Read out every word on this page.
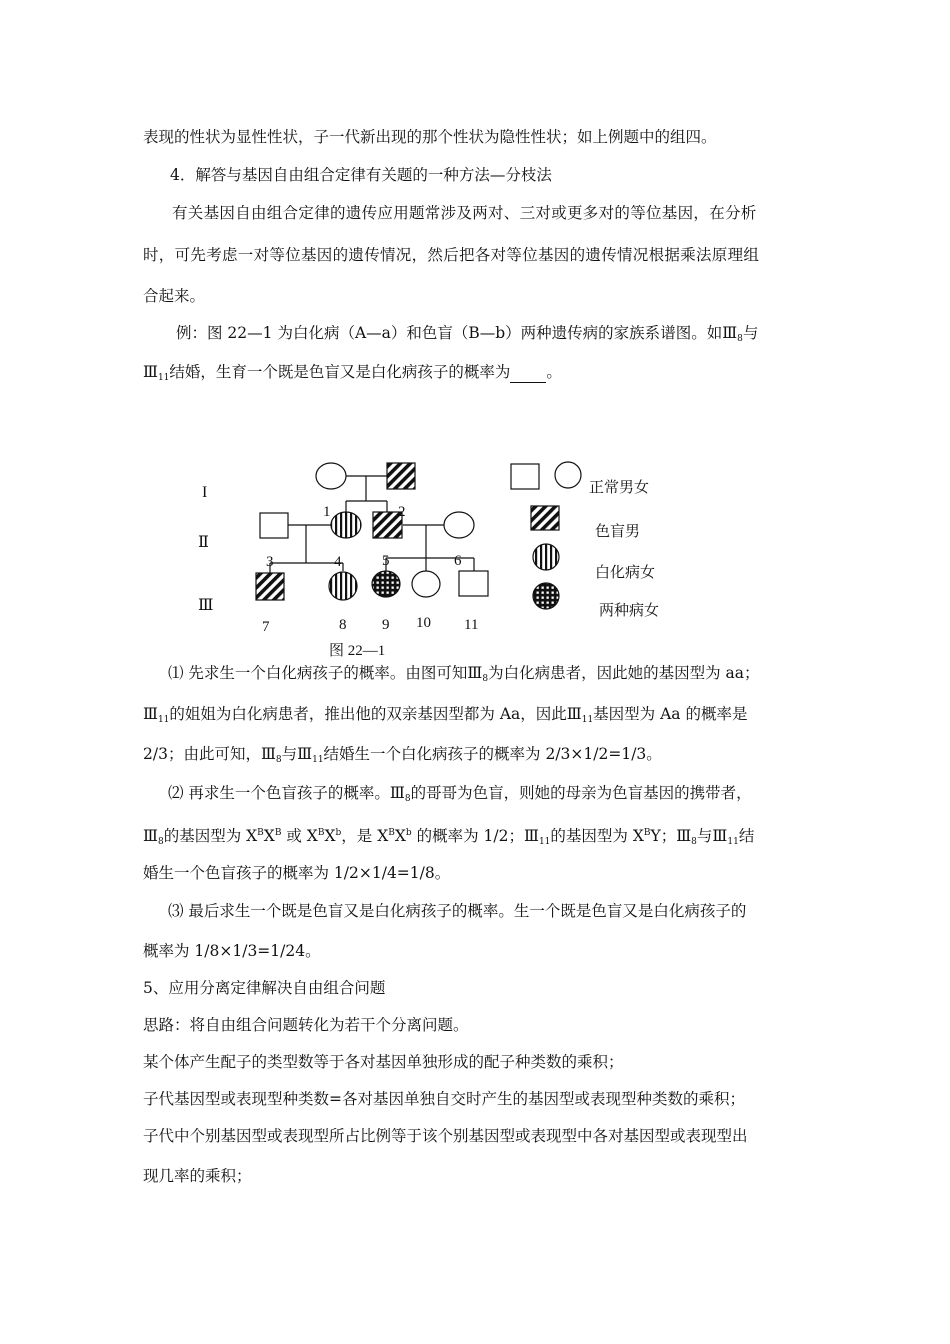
表现的性状为显性性状，子一代新出现的那个性状为隐性性状；如上例题中的组四。
4．解答与基因自由组合定律有关题的一种方法—分枝法
有关基因自由组合定律的遗传应用题常涉及两对、三对或更多对的等位基因，在分析
时，可先考虑一对等位基因的遗传情况，然后把各对等位基因的遗传情况根据乘法原理组
合起来。
例：图 22—1 为白化病（A—a）和色盲（B—b）两种遗传病的家族系谱图。如$Ⅲ_8$与
$Ⅲ_{11}$结婚，生育一个既是色盲又是白化病孩子的概率为 。
I
Ⅱ
Ⅲ
1	2
3	4	5	6
7	8 9 10 11
正常男女
色盲男
白化病女
两种病女
图 22—1
⑴ 先求生一个白化病孩子的概率。由图可知$Ⅲ_8$为白化病患者，因此她的基因型为 aa；
$Ⅲ_{11}$的姐姐为白化病患者，推出他的双亲基因型都为 Aa，因此$Ⅲ_{11}$基因型为 Aa 的概率是
2/3；由此可知，$Ⅲ_8$与$Ⅲ_{11}$结婚生一个白化病孩子的概率为 2/3×1/2=1/3。
⑵ 再求生一个色盲孩子的概率。$Ⅲ_8$的哥哥为色盲，则她的母亲为色盲基因的携带者，
$Ⅲ_8$的基因型为 $X^BX^B$ 或 $X^BX^b$，是 $X^BX^b$ 的概率为 1/2；$Ⅲ_{11}$的基因型为 $X^BY$；$Ⅲ_8$与$Ⅲ_{11}$结
婚生一个色盲孩子的概率为 1/2×1/4=1/8。
⑶ 最后求生一个既是色盲又是白化病孩子的概率。生一个既是色盲又是白化病孩子的
概率为 1/8×1/3=1/24。
5、应用分离定律解决自由组合问题
思路：将自由组合问题转化为若干个分离问题。
某个体产生配子的类型数等于各对基因单独形成的配子种类数的乘积；
子代基因型或表现型种类数=各对基因单独自交时产生的基因型或表现型种类数的乘积；
子代中个别基因型或表现型所占比例等于该个别基因型或表现型中各对基因型或表现型出
现几率的乘积；
